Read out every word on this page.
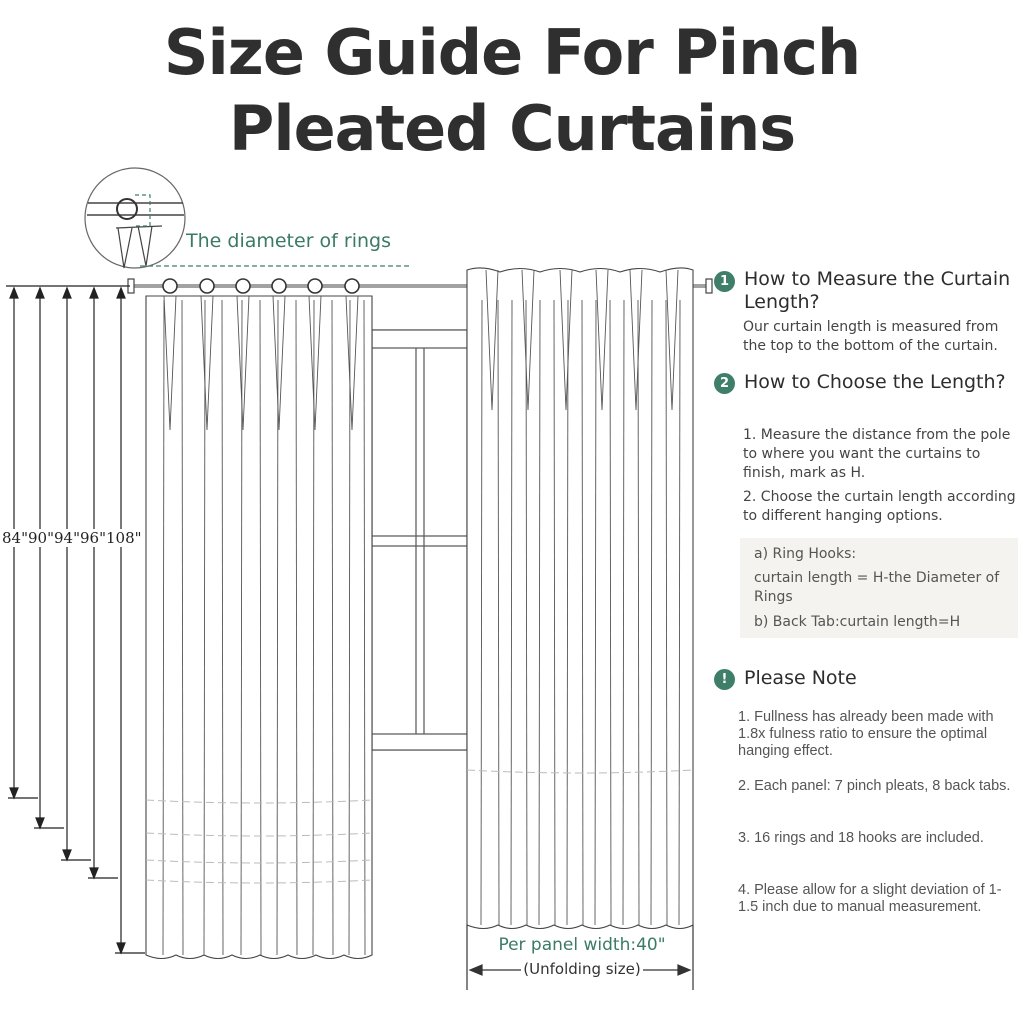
Size Guide For Pinch
Pleated Curtains
The diameter of rings
84"90"94"96"108"
Per panel width:40"
(Unfolding size)
1 How to Measure the Curtain Length?
Our curtain length is measured from the top to the bottom of the curtain.
2 How to Choose the Length?
1. Measure the distance from the pole to where you want the curtains to finish, mark as H.
2. Choose the curtain length according to different hanging options.
a) Ring Hooks:
curtain length = H-the Diameter of Rings
b) Back Tab:curtain length=H
! Please Note
1. Fullness has already been made with 1.8x fulness ratio to ensure the optimal hanging effect.
2. Each panel: 7 pinch pleats, 8 back tabs.
3. 16 rings and 18 hooks are included.
4. Please allow for a slight deviation of 1-1.5 inch due to manual measurement.
